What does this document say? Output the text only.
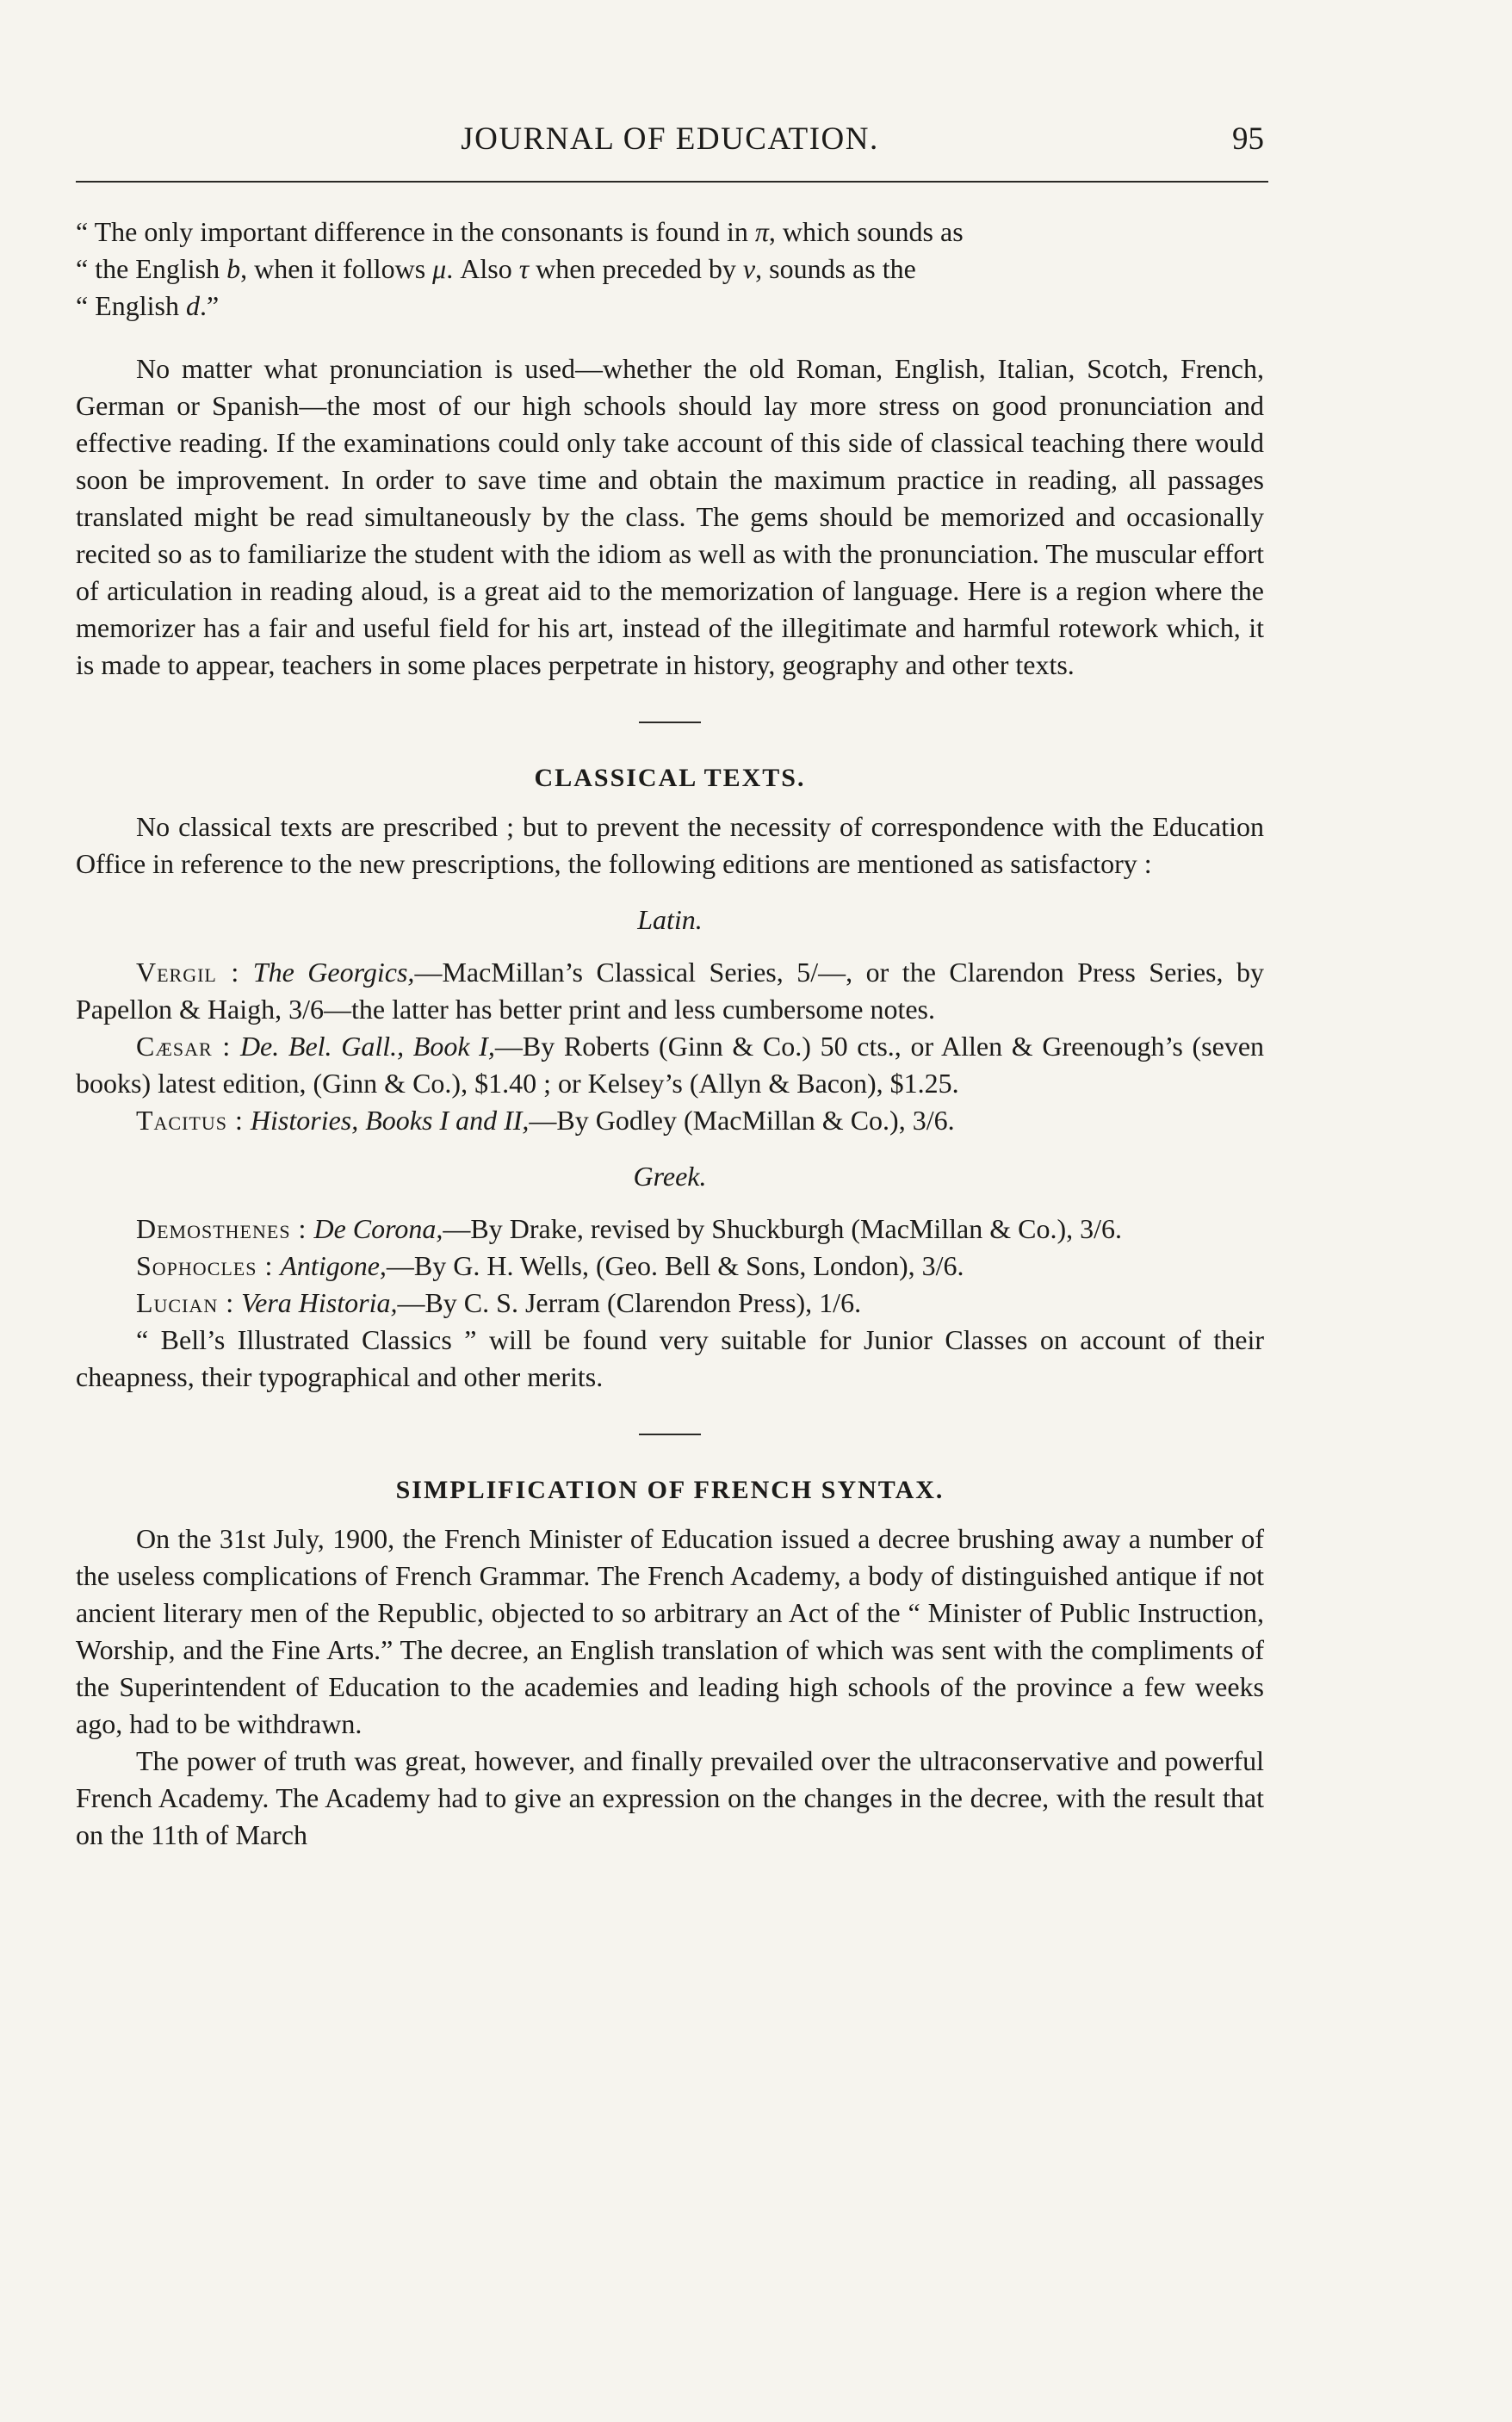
JOURNAL OF EDUCATION.	95

“ The only important difference in the consonants is found in π, which sounds as
“ the English b, when it follows μ. Also τ when preceded by ν, sounds as the
“ English d.”

No matter what pronunciation is used—whether the old Roman, English, Italian, Scotch, French, German or Spanish—the most of our high schools should lay more stress on good pronunciation and effective reading. If the examinations could only take account of this side of classical teaching there would soon be improvement. In order to save time and obtain the maximum practice in reading, all passages translated might be read simultaneously by the class. The gems should be memorized and occasionally recited so as to familiarize the student with the idiom as well as with the pronunciation. The muscular effort of articulation in reading aloud, is a great aid to the memorization of language. Here is a region where the memorizer has a fair and useful field for his art, instead of the illegitimate and harmful rotework which, it is made to appear, teachers in some places perpetrate in history, geography and other texts.

CLASSICAL TEXTS.

No classical texts are prescribed ; but to prevent the necessity of correspondence with the Education Office in reference to the new prescriptions, the following editions are mentioned as satisfactory :

Latin.

Vergil : The Georgics,—MacMillan’s Classical Series, 5/—, or the Clarendon Press Series, by Papellon & Haigh, 3/6—the latter has better print and less cumbersome notes.

Cæsar : De. Bel. Gall., Book I,—By Roberts (Ginn & Co.) 50 cts., or Allen & Greenough’s (seven books) latest edition, (Ginn & Co.), $1.40 ; or Kelsey’s (Allyn & Bacon), $1.25.

Tacitus : Histories, Books I and II,—By Godley (MacMillan & Co.), 3/6.

Greek.

Demosthenes : De Corona,—By Drake, revised by Shuckburgh (MacMillan & Co.), 3/6.

Sophocles : Antigone,—By G. H. Wells, (Geo. Bell & Sons, London), 3/6.

Lucian : Vera Historia,—By C. S. Jerram (Clarendon Press), 1/6.

“ Bell’s Illustrated Classics ” will be found very suitable for Junior Classes on account of their cheapness, their typographical and other merits.

SIMPLIFICATION OF FRENCH SYNTAX.

On the 31st July, 1900, the French Minister of Education issued a decree brushing away a number of the useless complications of French Grammar. The French Academy, a body of distinguished antique if not ancient literary men of the Republic, objected to so arbitrary an Act of the “ Minister of Public Instruction, Worship, and the Fine Arts.” The decree, an English translation of which was sent with the compliments of the Superintendent of Education to the academies and leading high schools of the province a few weeks ago, had to be withdrawn.

The power of truth was great, however, and finally prevailed over the ultraconservative and powerful French Academy. The Academy had to give an expression on the changes in the decree, with the result that on the 11th of March
